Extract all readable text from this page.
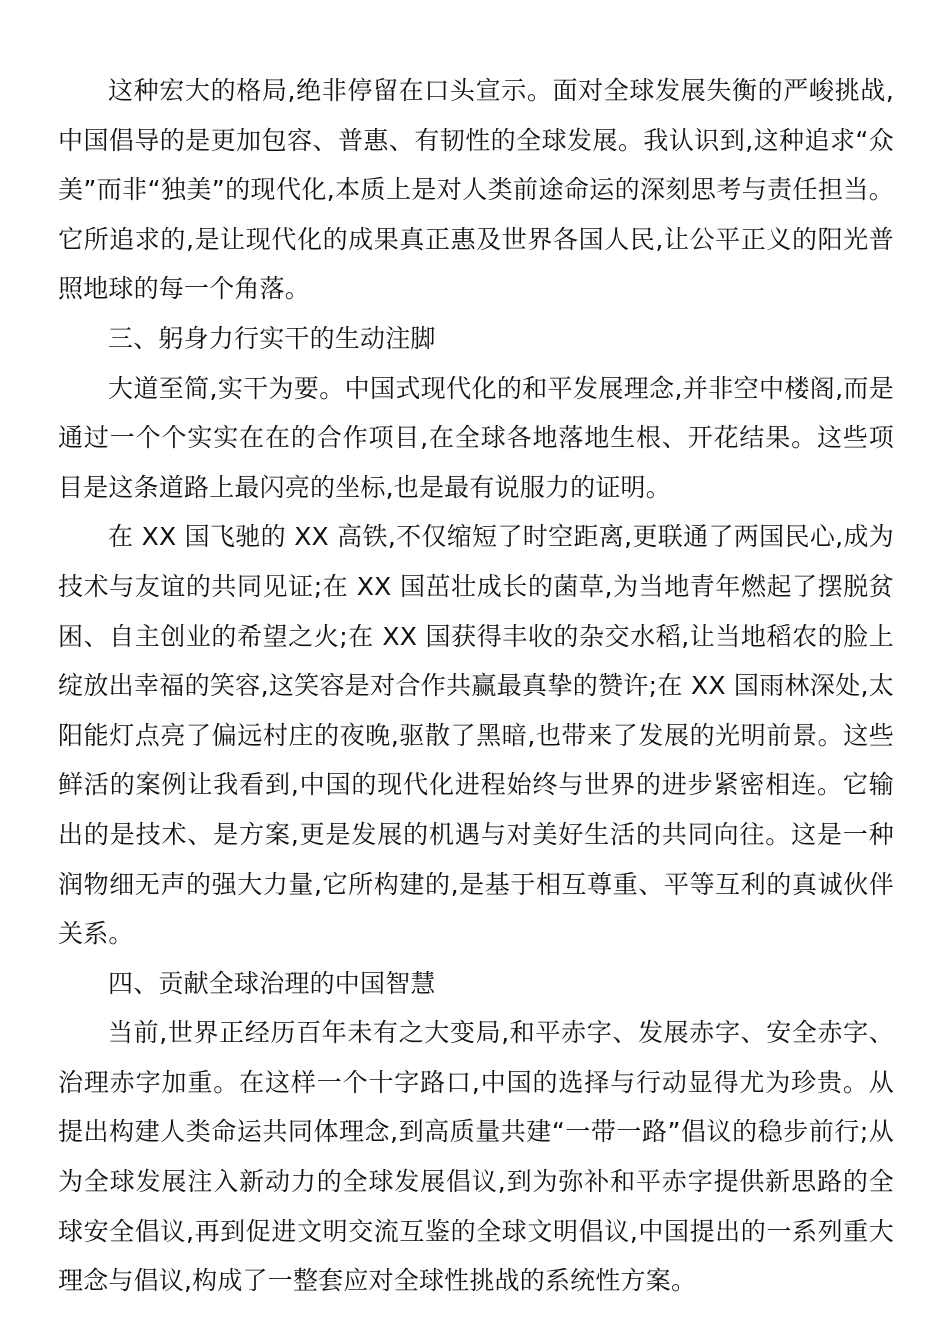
这种宏大的格局,绝非停留在口头宣示。面对全球发展失衡的严峻挑战,中国倡导的是更加包容、普惠、有韧性的全球发展。我认识到,这种追求“众美”而非“独美”的现代化,本质上是对人类前途命运的深刻思考与责任担当。它所追求的,是让现代化的成果真正惠及世界各国人民,让公平正义的阳光普照地球的每一个角落。

三、躬身力行实干的生动注脚

大道至简,实干为要。中国式现代化的和平发展理念,并非空中楼阁,而是通过一个个实实在在的合作项目,在全球各地落地生根、开花结果。这些项目是这条道路上最闪亮的坐标,也是最有说服力的证明。

在 XX 国飞驰的 XX 高铁,不仅缩短了时空距离,更联通了两国民心,成为技术与友谊的共同见证;在 XX 国茁壮成长的菌草,为当地青年燃起了摆脱贫困、自主创业的希望之火;在 XX 国获得丰收的杂交水稻,让当地稻农的脸上绽放出幸福的笑容,这笑容是对合作共赢最真挚的赞许;在 XX 国雨林深处,太阳能灯点亮了偏远村庄的夜晚,驱散了黑暗,也带来了发展的光明前景。这些鲜活的案例让我看到,中国的现代化进程始终与世界的进步紧密相连。它输出的是技术、是方案,更是发展的机遇与对美好生活的共同向往。这是一种润物细无声的强大力量,它所构建的,是基于相互尊重、平等互利的真诚伙伴关系。

四、贡献全球治理的中国智慧

当前,世界正经历百年未有之大变局,和平赤字、发展赤字、安全赤字、治理赤字加重。在这样一个十字路口,中国的选择与行动显得尤为珍贵。从提出构建人类命运共同体理念,到高质量共建“一带一路”倡议的稳步前行;从为全球发展注入新动力的全球发展倡议,到为弥补和平赤字提供新思路的全球安全倡议,再到促进文明交流互鉴的全球文明倡议,中国提出的一系列重大理念与倡议,构成了一整套应对全球性挑战的系统性方案。
